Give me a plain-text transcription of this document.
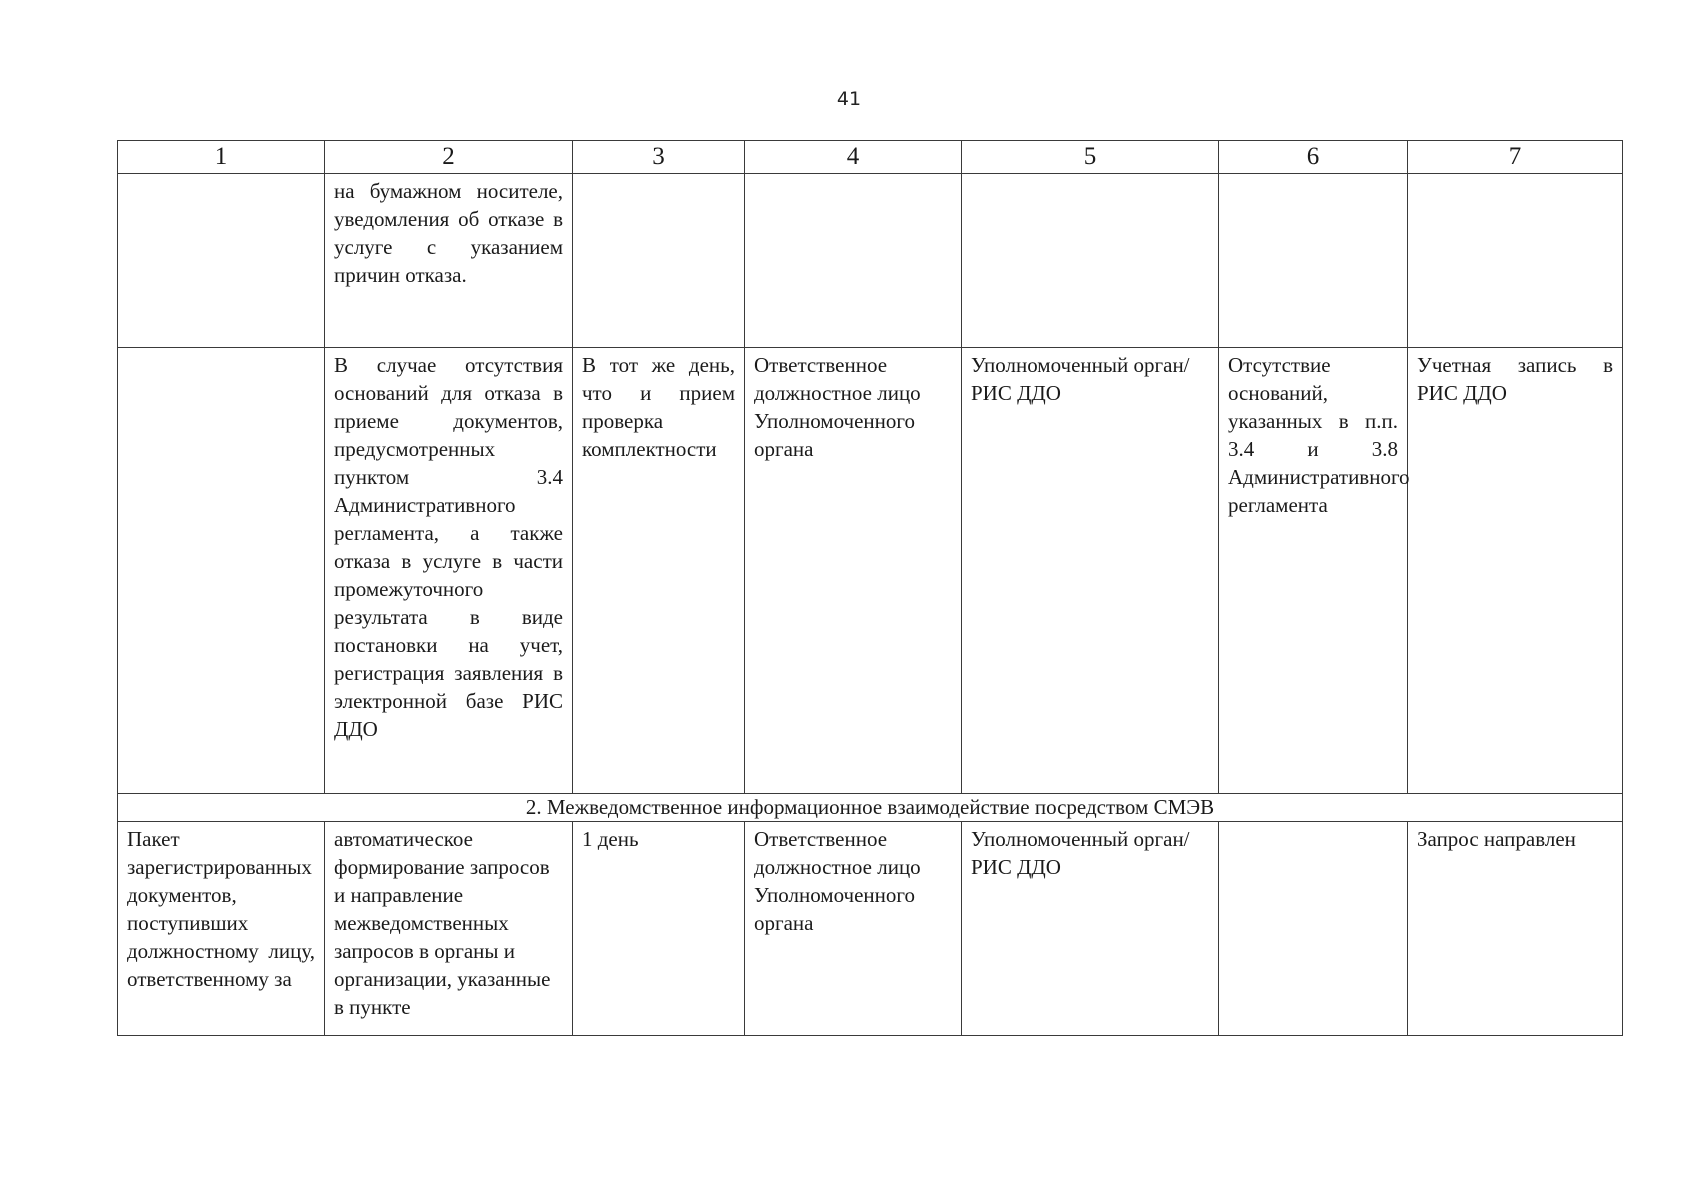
41
1	2	3	4	5	6	7
	на бумажном носителе, уведомления об отказе в услуге с указанием причин отказа.					
	В случае отсутствия оснований для отказа в приеме документов, предусмотренных пунктом 3.4 Административного регламента, а также отказа в услуге в части промежуточного результата в виде постановки на учет, регистрация заявления в электронной базе РИС ДДО	В тот же день, что и прием проверка комплектности	Ответственное должностное лицо Уполномоченного органа	Уполномоченный орган/РИС ДДО	Отсутствие оснований, указанных в п.п. 3.4 и 3.8 Административного регламента	Учетная запись в РИС ДДО
2. Межведомственное информационное взаимодействие посредством СМЭВ						
Пакет зарегистрированных документов, поступивших должностному лицу, ответственному за	автоматическое формирование запросов и направление межведомственных запросов в органы и организации, указанные в пункте	1 день	Ответственное должностное лицо Уполномоченного органа	Уполномоченный орган/РИС ДДО		Запрос направлен
